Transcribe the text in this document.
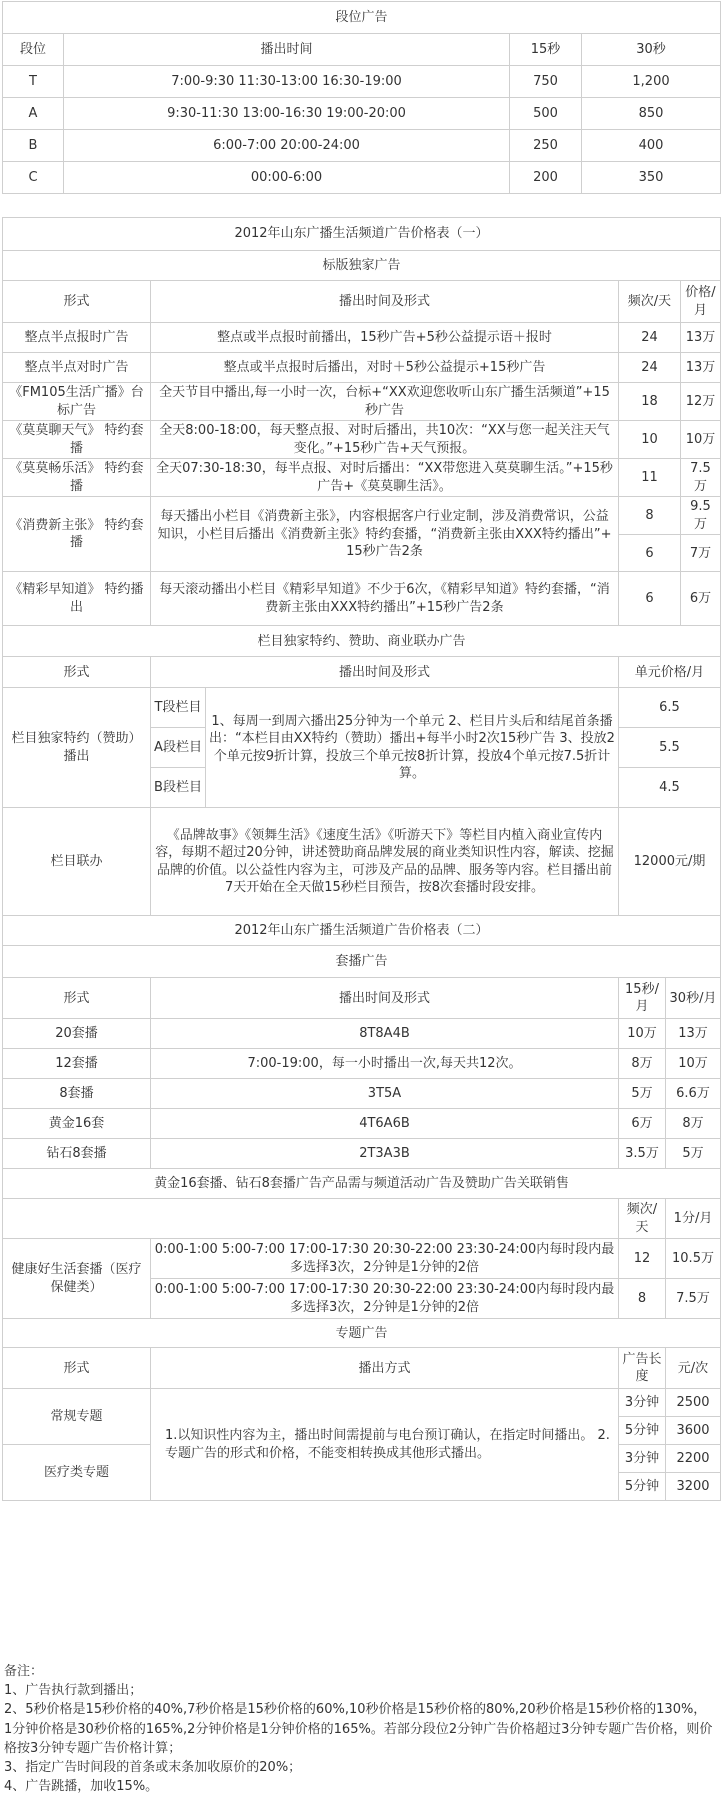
段位广告			
段位	播出时间	15秒	30秒
T	7:00-9:30 11:30-13:00 16:30-19:00	750	1,200
A	9:30-11:30 13:00-16:30 19:00-20:00	500	850
B	6:00-7:00 20:00-24:00	250	400
C	00:00-6:00	200	350
2012年山东广播生活频道广告价格表（一）					
标版独家广告					
形式	播出时间及形式		频次/天		价格/月
整点半点报时广告	整点或半点报时前播出，15秒广告+5秒公益提示语＋报时		24		13万
整点半点对时广告	整点或半点报时后播出，对时＋5秒公益提示+15秒广告		24		13万
《FM105生活广播》台标广告	全天节目中播出,每一小时一次，台标+“XX欢迎您收听山东广播生活频道”+15秒广告		18		12万
《莫莫聊天气》 特约套播	全天8:00-18:00，每天整点报、对时后播出，共10次：“XX与您一起关注天气变化。”+15秒广告+天气预报。		10		10万
《莫莫畅乐活》 特约套播	全天07:30-18:30，每半点报、对时后播出：“XX带您进入莫莫聊生活。”+15秒广告+《莫莫聊生活》。		11		7.5万
《消费新主张》 特约套播	每天播出小栏目《消费新主张》，内容根据客户行业定制，涉及消费常识，公益知识，小栏目后播出《消费新主张》特约套播，“消费新主张由XXX特约播出”+15秒广告2条		8		9.5万
			6		7万
《精彩早知道》 特约播出	每天滚动播出小栏目《精彩早知道》不少于6次，《精彩早知道》特约套播，“消费新主张由XXX特约播出”+15秒广告2条		6		6万
栏目独家特约、赞助、商业联办广告					
形式	播出时间及形式		单元价格/月		
栏目独家特约（赞助）播出	T段栏目	1、每周一到周六播出25分钟为一个单元 2、栏目片头后和结尾首条播出：“本栏目由XX特约（赞助）播出+每半小时2次15秒广告 3、投放2个单元按9折计算，投放三个单元按8折计算，投放4个单元按7.5折计算。	6.5		
	A段栏目		5.5		
	B段栏目		4.5		
栏目联办	《品牌故事》《领舞生活》《速度生活》《听游天下》等栏目内植入商业宣传内容，每期不超过20分钟，讲述赞助商品牌发展的商业类知识性内容，解读、挖掘品牌的价值。以公益性内容为主，可涉及产品的品牌、服务等内容。栏目播出前7天开始在全天做15秒栏目预告，按8次套播时段安排。		12000元/期		
2012年山东广播生活频道广告价格表（二）					
套播广告					
形式	播出时间及形式		15秒/月	30秒/月	
20套播	8T8A4B		10万	13万	
12套播	7:00-19:00，每一小时播出一次,每天共12次。		8万	10万	
8套播	3T5A		5万	6.6万	
黄金16套	4T6A6B		6万	8万	
钻石8套播	2T3A3B		3.5万	5万	
黄金16套播、钻石8套播广告产品需与频道活动广告及赞助广告关联销售					
			频次/天	1分/月	
健康好生活套播（医疗保健类）	0:00-1:00 5:00-7:00 17:00-17:30 20:30-22:00 23:30-24:00内每时段内最多选择3次，2分钟是1分钟的2倍		12	10.5万	
	0:00-1:00 5:00-7:00 17:00-17:30 20:30-22:00 23:30-24:00内每时段内最多选择3次，2分钟是1分钟的2倍		8	7.5万	
专题广告					
形式	播出方式		广告长度	元/次	
常规专题	1.以知识性内容为主，播出时间需提前与电台预订确认，在指定时间播出。 2.专题广告的形式和价格，不能变相转换成其他形式播出。		3分钟	2500	
			5分钟	3600	
医疗类专题			3分钟	2200	
			5分钟	3200	
备注：
1、广告执行款到播出；
2、5秒价格是15秒价格的40%,7秒价格是15秒价格的60%,10秒价格是15秒价格的80%,20秒价格是15秒价格的130%，
1分钟价格是30秒价格的165%,2分钟价格是1分钟价格的165%。若部分段位2分钟广告价格超过3分钟专题广告价格，则价格按3分钟专题广告价格计算；
3、指定广告时间段的首条或末条加收原价的20%；
4、广告跳播，加收15%。
